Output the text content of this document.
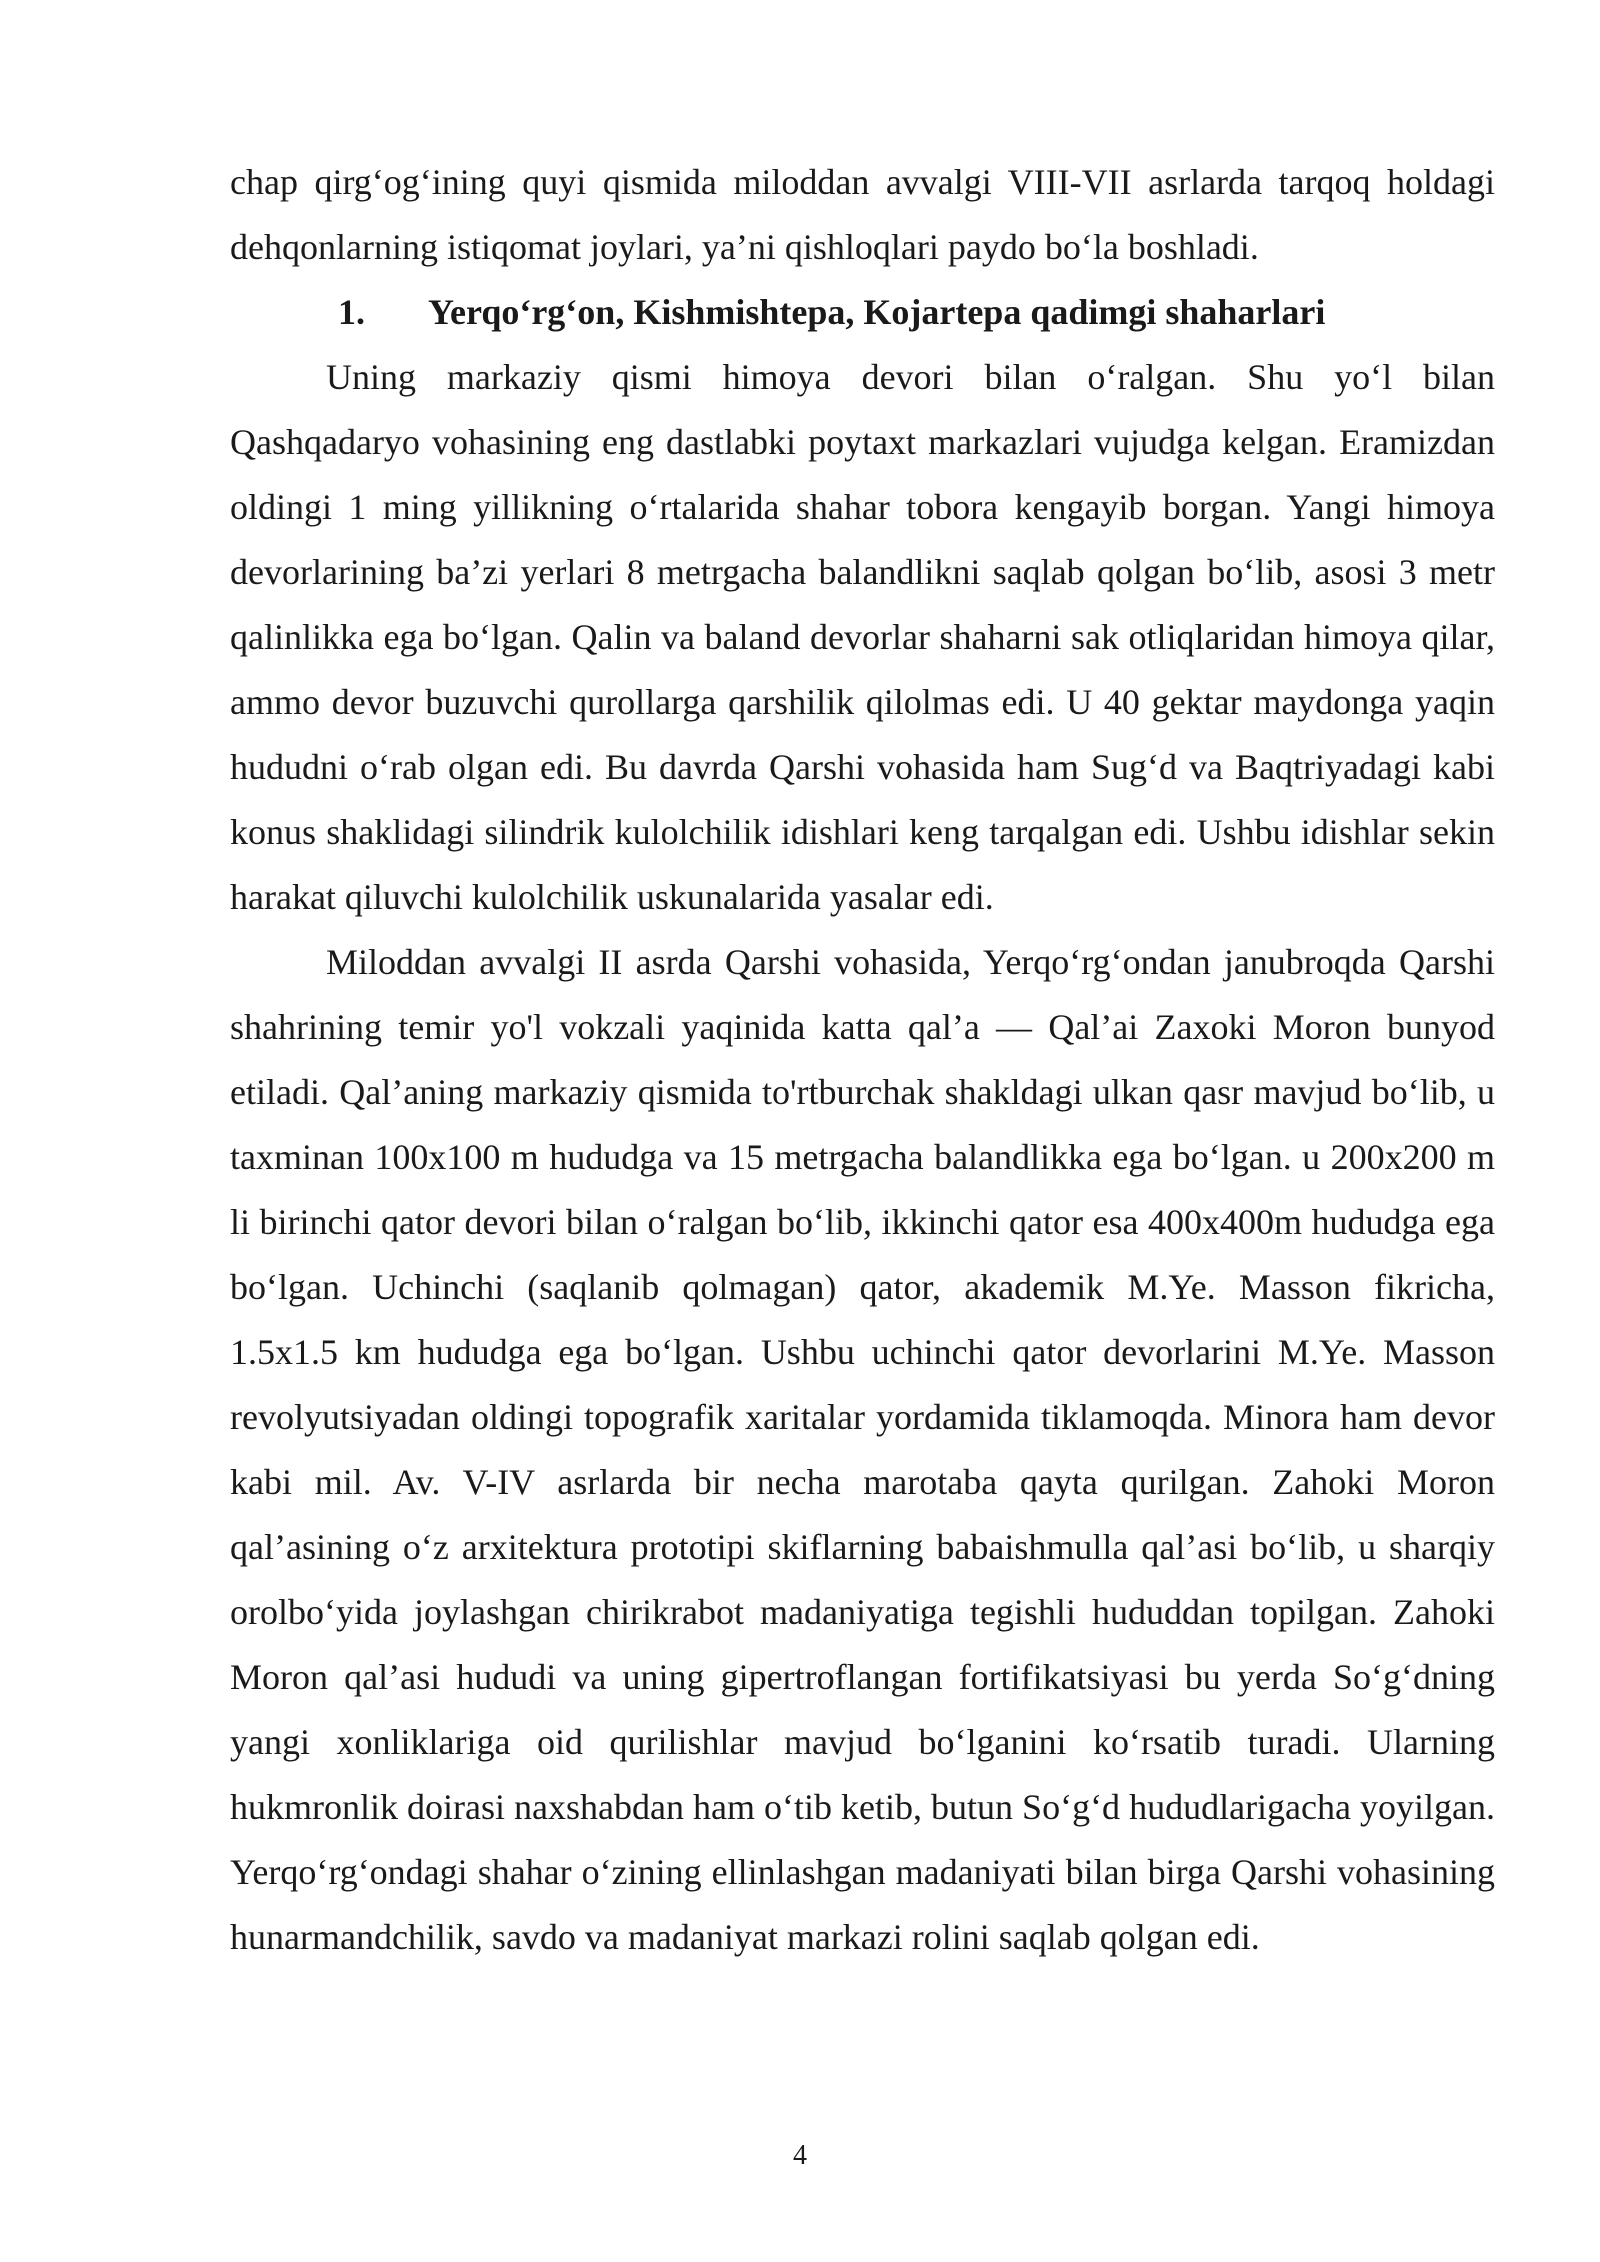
chap qirg‘og‘ining quyi qismida miloddan avvalgi VIII-VII asrlarda tarqoq holdagi dehqonlarning istiqomat joylari, ya’ni qishloqlari paydo bo‘la boshladi.

1. Yerqo‘rg‘on, Kishmishtepa, Kojartepa qadimgi shaharlari

Uning markaziy qismi himoya devori bilan o‘ralgan. Shu yo‘l bilan Qashqadaryo vohasining eng dastlabki poytaxt markazlari vujudga kelgan. Eramizdan oldingi 1 ming yillikning o‘rtalarida shahar tobora kengayib borgan. Yangi himoya devorlarining ba’zi yerlari 8 metrgacha balandlikni saqlab qolgan bo‘lib, asosi 3 metr qalinlikka ega bo‘lgan. Qalin va baland devorlar shaharni sak otliqlaridan himoya qilar, ammo devor buzuvchi qurollarga qarshilik qilolmas edi. U 40 gektar maydonga yaqin hududni o‘rab olgan edi. Bu davrda Qarshi vohasida ham Sug‘d va Baqtriyadagi kabi konus shaklidagi silindrik kulolchilik idishlari keng tarqalgan edi. Ushbu idishlar sekin harakat qiluvchi kulolchilik uskunalarida yasalar edi.

Miloddan avvalgi II asrda Qarshi vohasida, Yerqo‘rg‘ondan janubroqda Qarshi shahrining temir yo'l vokzali yaqinida katta qal’a — Qal’ai Zaxoki Moron bunyod etiladi. Qal’aning markaziy qismida to'rtburchak shakldagi ulkan qasr mavjud bo‘lib, u taxminan 100x100 m hududga va 15 metrgacha balandlikka ega bo‘lgan. u 200x200 m li birinchi qator devori bilan o‘ralgan bo‘lib, ikkinchi qator esa 400x400m hududga ega bo‘lgan. Uchinchi (saqlanib qolmagan) qator, akademik M.Ye. Masson fikricha, 1.5x1.5 km hududga ega bo‘lgan. Ushbu uchinchi qator devorlarini M.Ye. Masson revolyutsiyadan oldingi topografik xaritalar yordamida tiklamoqda. Minora ham devor kabi mil. Av. V-IV asrlarda bir necha marotaba qayta qurilgan. Zahoki Moron qal’asining o‘z arxitektura prototipi skiflarning babaishmulla qal’asi bo‘lib, u sharqiy orolbo‘yida joylashgan chirikrabot madaniyatiga tegishli hududdan topilgan. Zahoki Moron qal’asi hududi va uning gipertroflangan fortifikatsiyasi bu yerda So‘g‘dning yangi xonliklariga oid qurilishlar mavjud bo‘lganini ko‘rsatib turadi. Ularning hukmronlik doirasi naxshabdan ham o‘tib ketib, butun So‘g‘d hududlarigacha yoyilgan. Yerqo‘rg‘ondagi shahar o‘zining ellinlashgan madaniyati bilan birga Qarshi vohasining hunarmandchilik, savdo va madaniyat markazi rolini saqlab qolgan edi.

4
